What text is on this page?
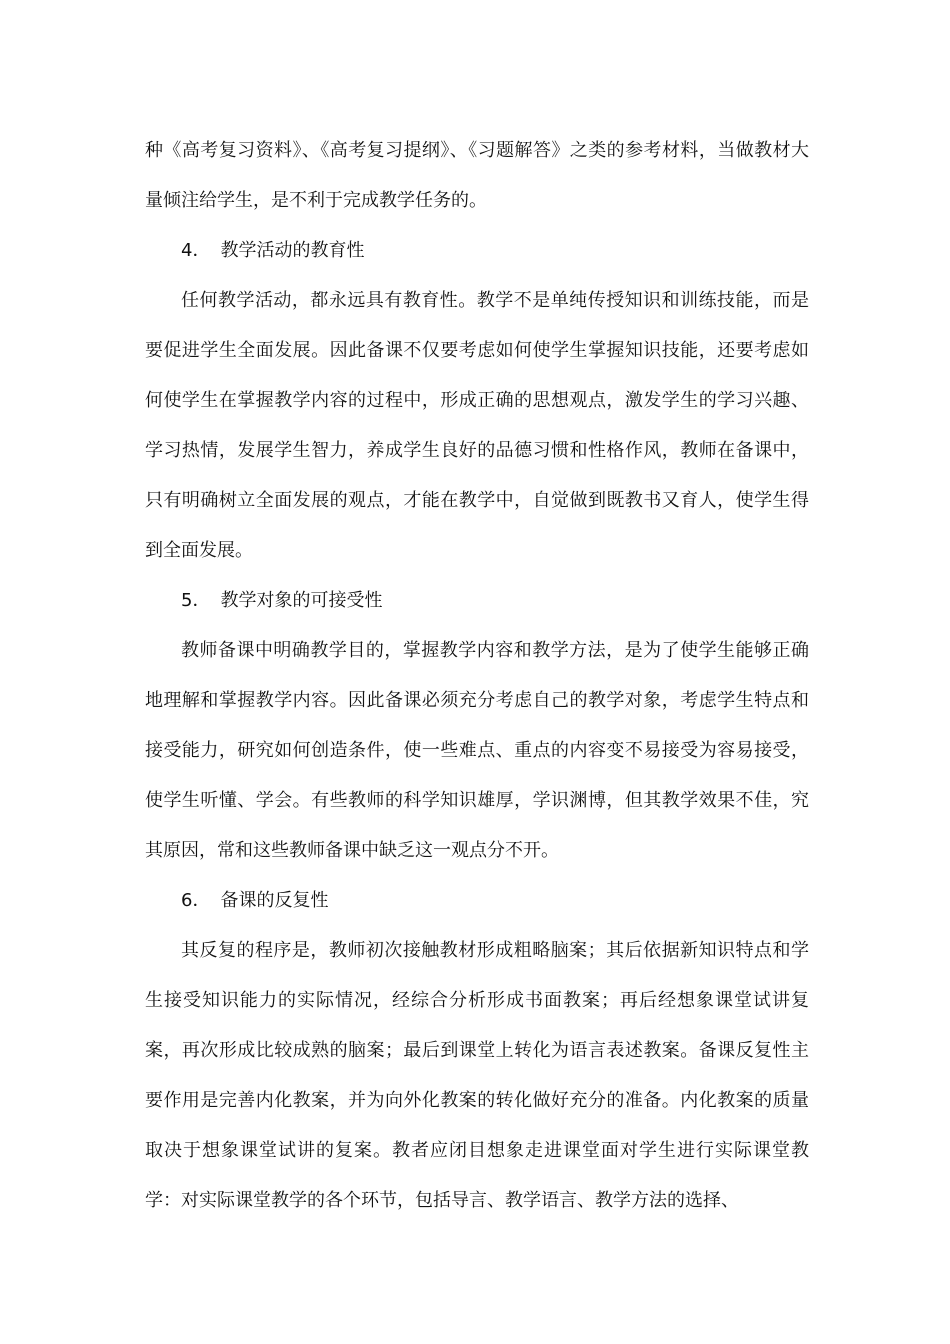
种《高考复习资料》、《高考复习提纲》、《习题解答》之类的参考材料，当做教材大量倾注给学生，是不利于完成教学任务的。

4． 教学活动的教育性

任何教学活动，都永远具有教育性。教学不是单纯传授知识和训练技能，而是要促进学生全面发展。因此备课不仅要考虑如何使学生掌握知识技能，还要考虑如何使学生在掌握教学内容的过程中，形成正确的思想观点，激发学生的学习兴趣、学习热情，发展学生智力，养成学生良好的品德习惯和性格作风，教师在备课中，只有明确树立全面发展的观点，才能在教学中，自觉做到既教书又育人，使学生得到全面发展。

5． 教学对象的可接受性

教师备课中明确教学目的，掌握教学内容和教学方法，是为了使学生能够正确地理解和掌握教学内容。因此备课必须充分考虑自己的教学对象，考虑学生特点和接受能力，研究如何创造条件，使一些难点、重点的内容变不易接受为容易接受，使学生听懂、学会。有些教师的科学知识雄厚，学识渊博，但其教学效果不佳，究其原因，常和这些教师备课中缺乏这一观点分不开。

6． 备课的反复性

其反复的程序是，教师初次接触教材形成粗略脑案；其后依据新知识特点和学生接受知识能力的实际情况，经综合分析形成书面教案；再后经想象课堂试讲复案，再次形成比较成熟的脑案；最后到课堂上转化为语言表述教案。备课反复性主要作用是完善内化教案，并为向外化教案的转化做好充分的准备。内化教案的质量取决于想象课堂试讲的复案。教者应闭目想象走进课堂面对学生进行实际课堂教学：对实际课堂教学的各个环节，包括导言、教学语言、教学方法的选择、
